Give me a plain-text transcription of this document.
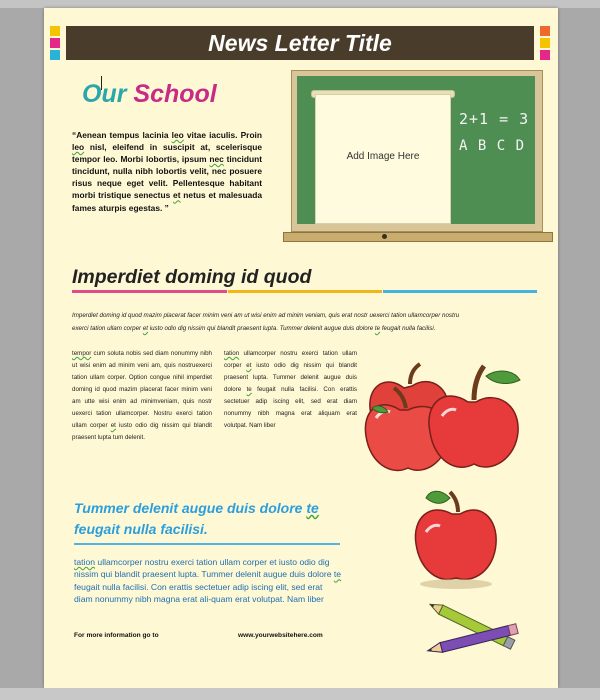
News Letter Title
Our School
“Aenean tempus lacinia leo vitae iaculis. Proin leo nisl, eleifend in suscipit at, scelerisque tempor leo. Morbi lobortis, ipsum nec tincidunt tincidunt, nulla nibh lobortis velit, nec posuere risus neque eget velit. Pellentesque habitant morbi tristique senectus et netus et malesuada fames aturpis egestas. ”
Add Image Here
2+1 = 3
A B C D
Imperdiet doming id quod
Imperdiet doming id quod mazim placerat facer minim veni am ut wisi enim ad minim veniam, quis erat nostr uexerci tation ullamcorper nostru
exerci tation ullam corper et iusto odio dig nissim qui blandit praesent lupta. Tummer delenit augue duis dolore te feugait nulla facilisi.
tempor cum soluta nobis sed diam nonummy nibh ut wisi enim ad minim veni am, quis nostruexerci tation ullam corper. Option congue nihil imperdiet doming id quod mazim placerat facer minim veni am utte wisi enim ad minimveniam, quis nostr uexerci tation ullamcorper. Nostru exerci tation ullam corper et iusto odio dig nissim qui blandit praesent lupta tum delenit.
tation ullamcorper nostru exerci tation ullam corper et iusto odio dig nissim qui blandit praesent lupta. Tummer delenit augue duis dolore te feugait nulla facilisi. Con erattis sectetuer adip iscing elit, sed erat diam nonummy nibh magna erat aliquam erat volutpat. Nam liber
Tummer delenit augue duis dolore te feugait nulla facilisi.
tation ullamcorper nostru exerci tation ullam corper et iusto odio dig nissim qui blandit praesent lupta. Tummer delenit augue duis dolore te feugait nulla facilisi. Con erattis sectetuer adip iscing elit, sed erat diam nonummy nibh magna erat ali-quam erat volutpat. Nam liber
For more information go to	www.yourwebsitehere.com
